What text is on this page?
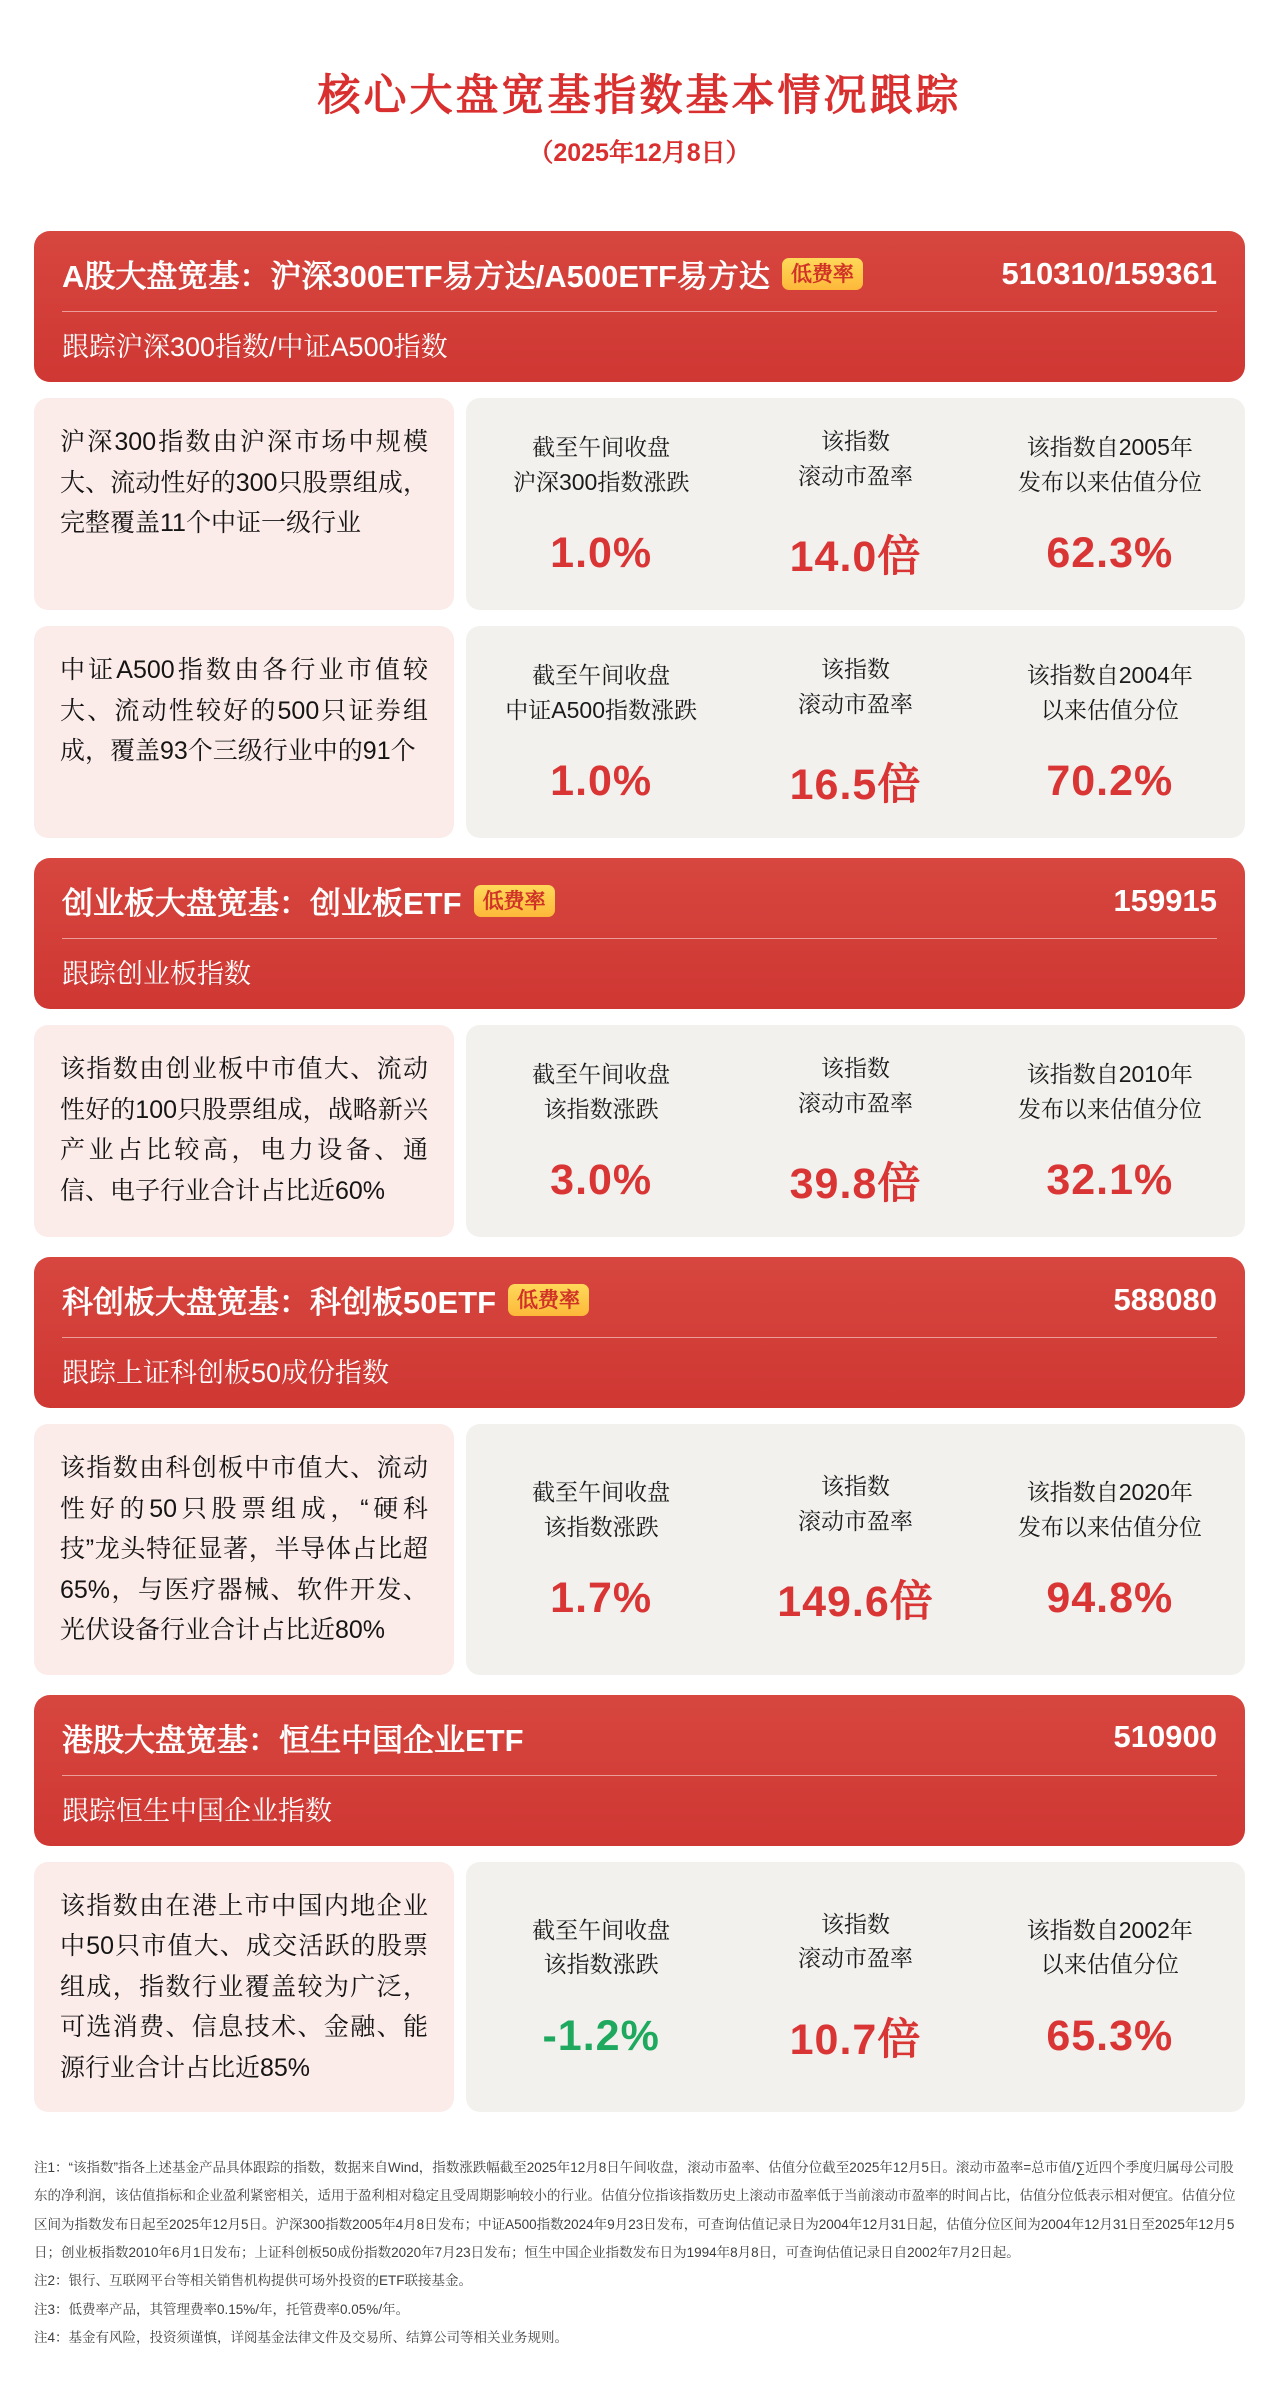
核心大盘宽基指数基本情况跟踪
（2025年12月8日）
A股大盘宽基：沪深300ETF易方达/A500ETF易方达	低费率	510310/159361
跟踪沪深300指数/中证A500指数
沪深300指数由沪深市场中规模大、流动性好的300只股票组成，完整覆盖11个中证一级行业
截至午间收盘
沪深300指数涨跌
1.0%
该指数
滚动市盈率
14.0倍
该指数自2005年
发布以来估值分位
62.3%
中证A500指数由各行业市值较大、流动性较好的500只证券组成，覆盖93个三级行业中的91个
截至午间收盘
中证A500指数涨跌
1.0%
该指数
滚动市盈率
16.5倍
该指数自2004年
以来估值分位
70.2%
创业板大盘宽基：创业板ETF	低费率	159915
跟踪创业板指数
该指数由创业板中市值大、流动性好的100只股票组成，战略新兴产业占比较高，电力设备、通信、电子行业合计占比近60%
截至午间收盘
该指数涨跌
3.0%
该指数
滚动市盈率
39.8倍
该指数自2010年
发布以来估值分位
32.1%
科创板大盘宽基：科创板50ETF	低费率	588080
跟踪上证科创板50成份指数
该指数由科创板中市值大、流动性好的50只股票组成，“硬科技”龙头特征显著，半导体占比超65%，与医疗器械、软件开发、光伏设备行业合计占比近80%
截至午间收盘
该指数涨跌
1.7%
该指数
滚动市盈率
149.6倍
该指数自2020年
发布以来估值分位
94.8%
港股大盘宽基：恒生中国企业ETF	510900
跟踪恒生中国企业指数
该指数由在港上市中国内地企业中50只市值大、成交活跃的股票组成，指数行业覆盖较为广泛，可选消费、信息技术、金融、能源行业合计占比近85%
截至午间收盘
该指数涨跌
-1.2%
该指数
滚动市盈率
10.7倍
该指数自2002年
以来估值分位
65.3%

注1：“该指数”指各上述基金产品具体跟踪的指数，数据来自Wind，指数涨跌幅截至2025年12月8日午间收盘，滚动市盈率、估值分位截至2025年12月5日。滚动市盈率=总市值/∑近四个季度归属母公司股东的净利润，该估值指标和企业盈利紧密相关，适用于盈利相对稳定且受周期影响较小的行业。估值分位指该指数历史上滚动市盈率低于当前滚动市盈率的时间占比，估值分位低表示相对便宜。估值分位区间为指数发布日起至2025年12月5日。沪深300指数2005年4月8日发布；中证A500指数2024年9月23日发布，可查询估值记录日为2004年12月31日起，估值分位区间为2004年12月31日至2025年12月5日；创业板指数2010年6月1日发布；上证科创板50成份指数2020年7月23日发布；恒生中国企业指数发布日为1994年8月8日，可查询估值记录日自2002年7月2日起。

注2：银行、互联网平台等相关销售机构提供可场外投资的ETF联接基金。

注3：低费率产品，其管理费率0.15%/年，托管费率0.05%/年。

注4：基金有风险，投资须谨慎，详阅基金法律文件及交易所、结算公司等相关业务规则。
